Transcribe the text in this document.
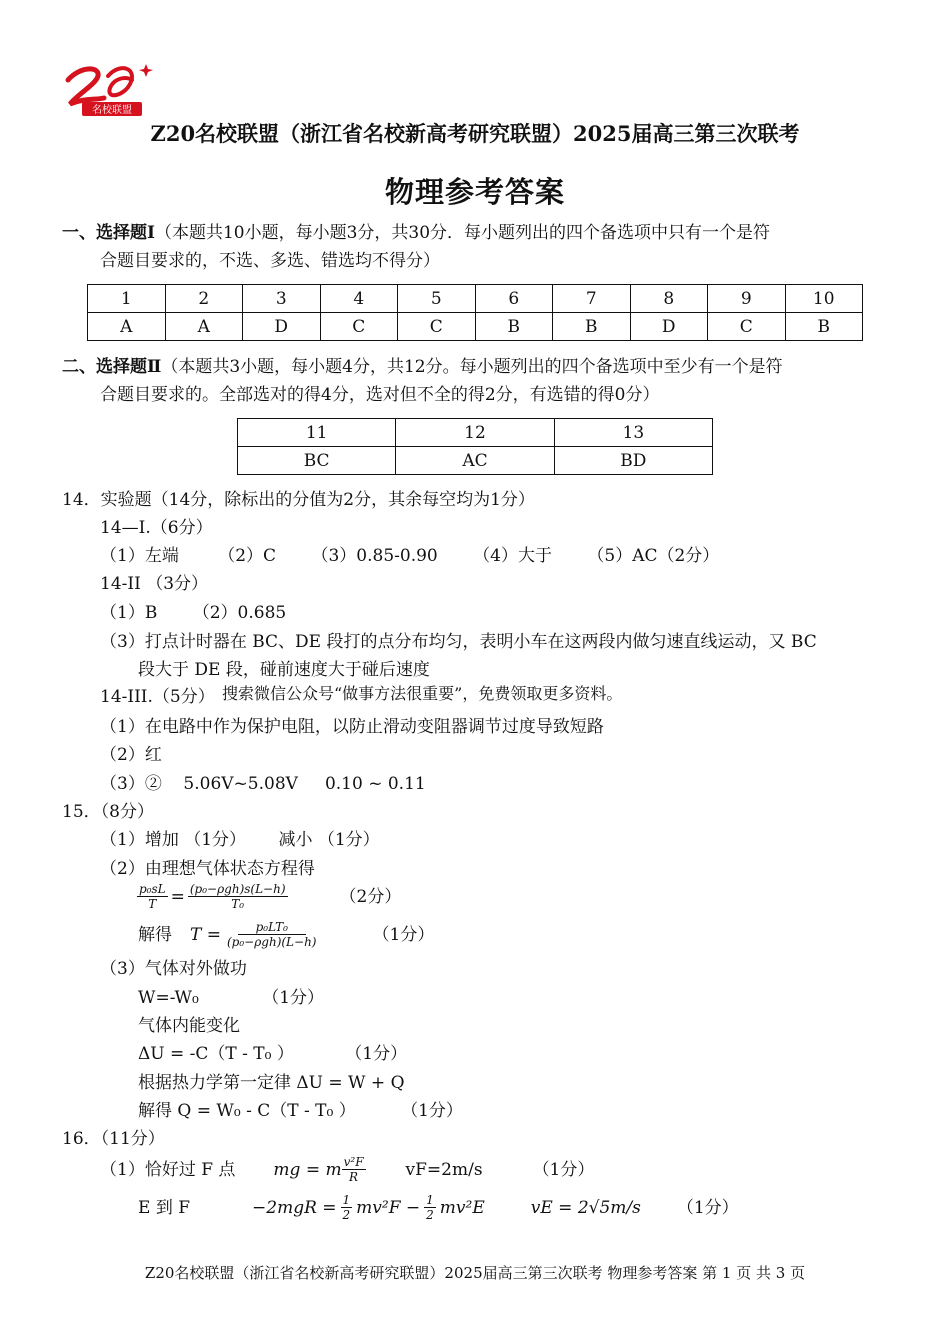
名校联盟
Z20名校联盟（浙江省名校新高考研究联盟）2025届高三第三次联考
物理参考答案
一、选择题Ⅰ（本题共10小题，每小题3分，共30分．每小题列出的四个备选项中只有一个是符
合题目要求的，不选、多选、错选均不得分）
1	2	3	4	5	6	7	8	9	10
A	A	D	C	C	B	B	D	C	B
二、选择题Ⅱ（本题共3小题，每小题4分，共12分。每小题列出的四个备选项中至少有一个是符
合题目要求的。全部选对的得4分，选对但不全的得2分，有选错的得0分）
11	12	13
BC	AC	BD
14．实验题（14分，除标出的分值为2分，其余每空均为1分）
14—I.（6分）
（1）左端 （2）C （3）0.85-0.90 （4）大于 （5）AC（2分）
14-II （3分）
（1）B （2）0.685
（3）打点计时器在 BC、DE 段打的点分布均匀，表明小车在这两段内做匀速直线运动，又 BC
段大于 DE 段，碰前速度大于碰后速度
14-III.（5分） 搜索微信公众号“做事方法很重要”，免费领取更多资料。
（1）在电路中作为保护电阻，以防止滑动变阻器调节过度导致短路
（2）红
（3）②    5.06V~5.08V     0.10 ~ 0.11
15．（8分）
（1）增加 （1分）      减小 （1分）
（2）由理想气体状态方程得
$\frac{\text{p₀sL}}{T} = \frac{\text{(p₀−ρgh)s(L−h)}}{\text{T₀}}$	（2分）
解得 $T = \frac{\text{p₀LT₀}}{\text{(p₀−ρgh)(L−h)}}$	（1分）
（3）气体对外做功
W=-W₀	（1分）
气体内能变化
ΔU = -C（T - T₀ ）	（1分）
根据热力学第一定律 ΔU = W + Q
解得 Q = W₀ - C（T - T₀ ）	（1分）
16．（11分）
（1）恰好过 F 点 mg = m $\frac{\text{v²F}}{R} vF=2m/s$	（1分）
E 到 F	$-2mgR = \frac{1}{2} mv^2F - \frac{1}{2} mv^2E$	vE = 2√5m/s （1分）
Z20名校联盟（浙江省名校新高考研究联盟）2025届高三第三次联考 物理参考答案 第 1 页 共 3 页
